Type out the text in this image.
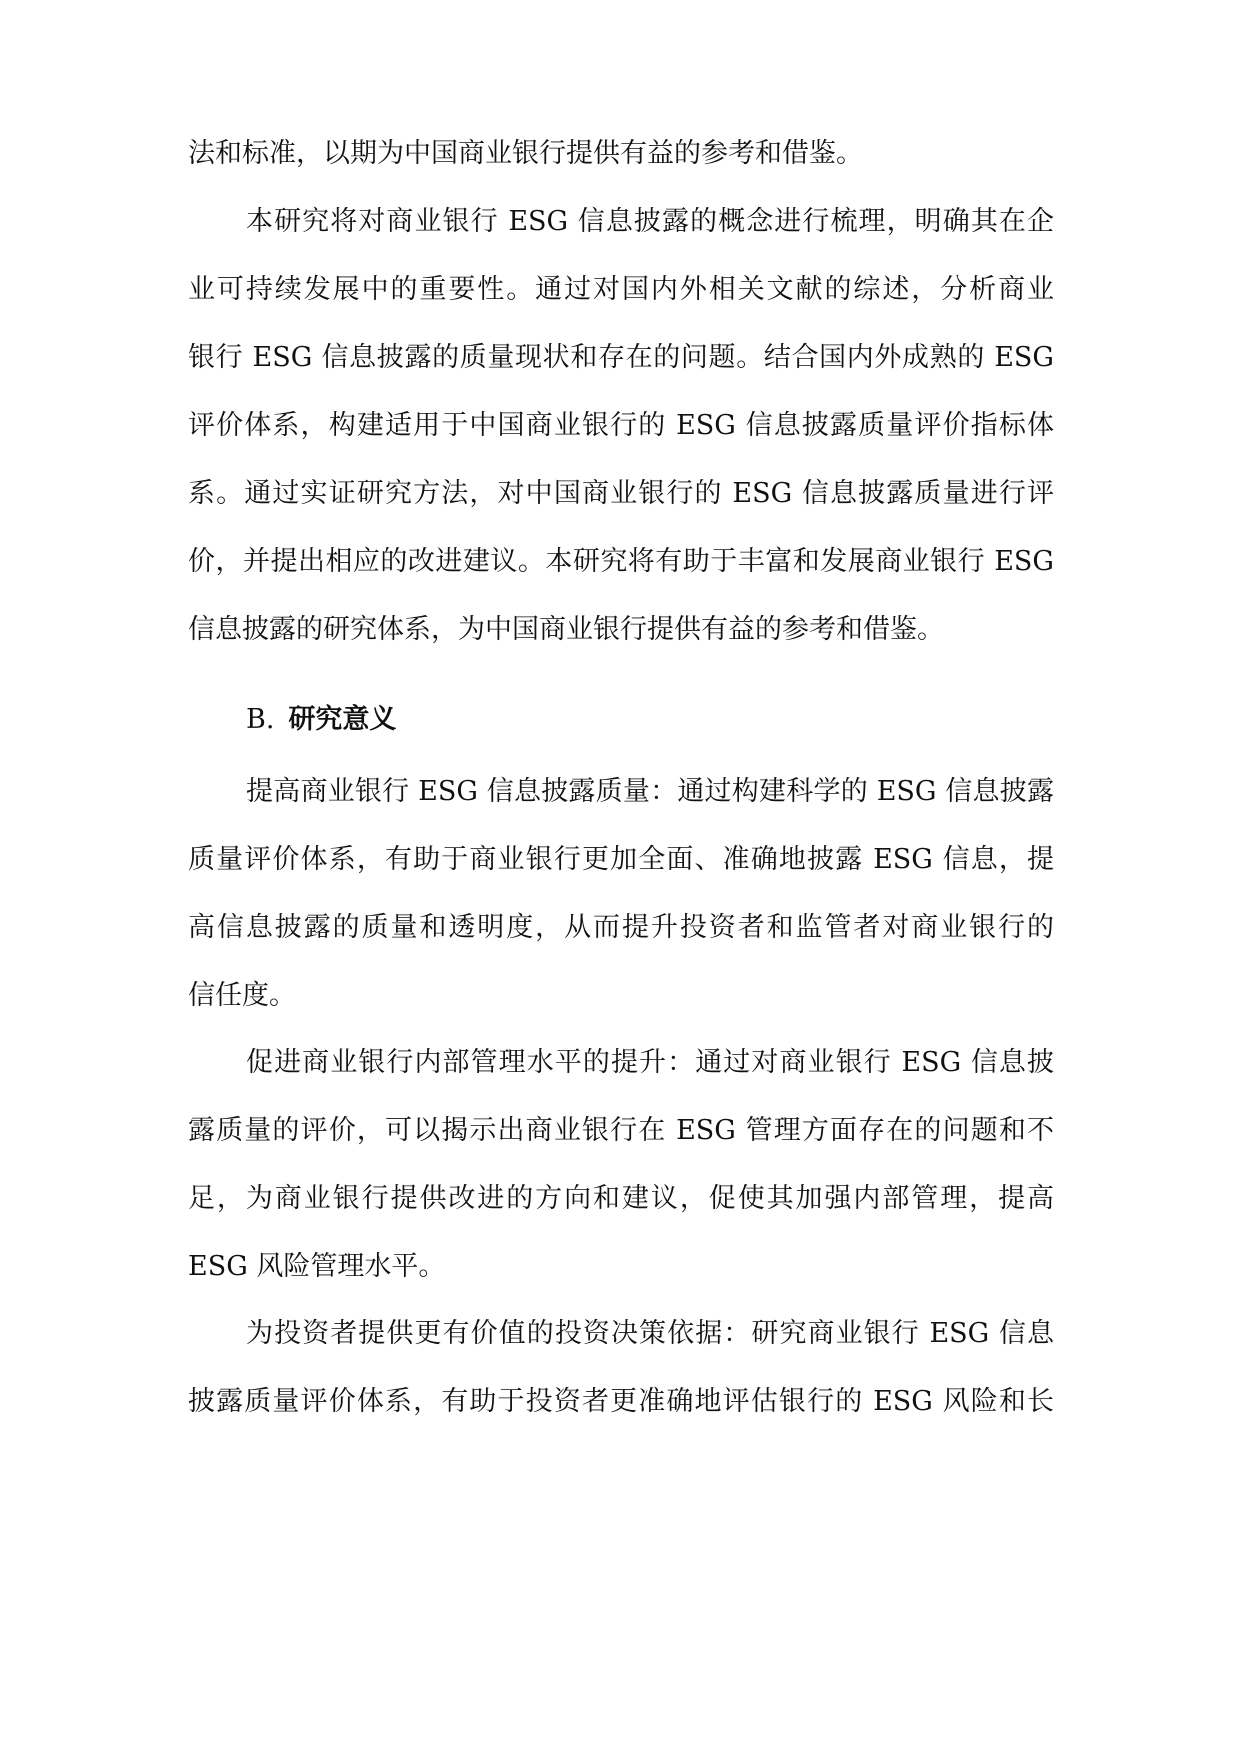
法和标准，以期为中国商业银行提供有益的参考和借鉴。
本研究将对商业银行 ESG 信息披露的概念进行梳理，明确其在企
业可持续发展中的重要性。通过对国内外相关文献的综述，分析商业
银行 ESG 信息披露的质量现状和存在的问题。结合国内外成熟的 ESG
评价体系，构建适用于中国商业银行的 ESG 信息披露质量评价指标体
系。通过实证研究方法，对中国商业银行的 ESG 信息披露质量进行评
价，并提出相应的改进建议。本研究将有助于丰富和发展商业银行 ESG
信息披露的研究体系，为中国商业银行提供有益的参考和借鉴。
B. 研究意义
提高商业银行 ESG 信息披露质量：通过构建科学的 ESG 信息披露
质量评价体系，有助于商业银行更加全面、准确地披露 ESG 信息，提
高信息披露的质量和透明度，从而提升投资者和监管者对商业银行的
信任度。
促进商业银行内部管理水平的提升：通过对商业银行 ESG 信息披
露质量的评价，可以揭示出商业银行在 ESG 管理方面存在的问题和不
足，为商业银行提供改进的方向和建议，促使其加强内部管理，提高
ESG 风险管理水平。
为投资者提供更有价值的投资决策依据：研究商业银行 ESG 信息
披露质量评价体系，有助于投资者更准确地评估银行的 ESG 风险和长
